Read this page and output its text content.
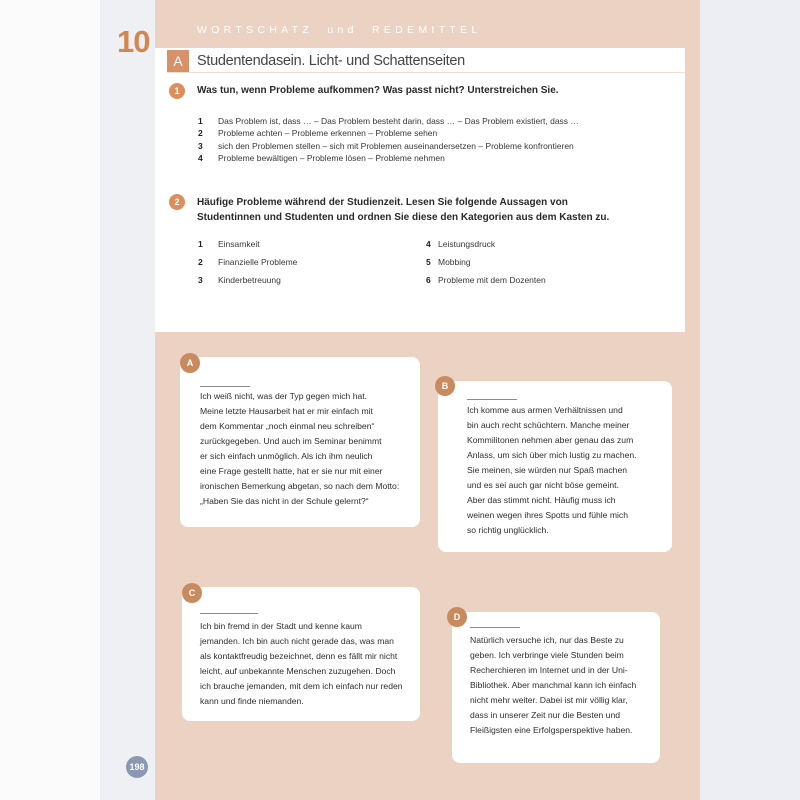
10	WORTSCHATZ und REDEMITTEL
A Studentendasein. Licht- und Schattenseiten
1	Was tun, wenn Probleme aufkommen? Was passt nicht? Unterstreichen Sie.
1 Das Problem ist, dass … – Das Problem besteht darin, dass … – Das Problem existiert, dass …
2 Probleme achten – Probleme erkennen – Probleme sehen
3 sich den Problemen stellen – sich mit Problemen auseinandersetzen – Probleme konfrontieren
4 Probleme bewältigen – Probleme lösen – Probleme nehmen
2	Häufige Probleme während der Studienzeit. Lesen Sie folgende Aussagen von
Studentinnen und Studenten und ordnen Sie diese den Kategorien aus dem Kasten zu.
1 Einsamkeit
2 Finanzielle Probleme
3 Kinderbetreuung
4 Leistungsdruck
5 Mobbing
6 Probleme mit dem Dozenten
A
Ich weiß nicht, was der Typ gegen mich hat.
Meine letzte Hausarbeit hat er mir einfach mit
dem Kommentar „noch einmal neu schreiben“
zurückgegeben. Und auch im Seminar benimmt
er sich einfach unmöglich. Als ich ihm neulich
eine Frage gestellt hatte, hat er sie nur mit einer
ironischen Bemerkung abgetan, so nach dem Motto:
„Haben Sie das nicht in der Schule gelernt?“
B
Ich komme aus armen Verhältnissen und
bin auch recht schüchtern. Manche meiner
Kommilitonen nehmen aber genau das zum
Anlass, um sich über mich lustig zu machen.
Sie meinen, sie würden nur Spaß machen
und es sei auch gar nicht böse gemeint.
Aber das stimmt nicht. Häufig muss ich
weinen wegen ihres Spotts und fühle mich
so richtig unglücklich.
C
Ich bin fremd in der Stadt und kenne kaum
jemanden. Ich bin auch nicht gerade das, was man
als kontaktfreudig bezeichnet, denn es fällt mir nicht
leicht, auf unbekannte Menschen zuzugehen. Doch
ich brauche jemanden, mit dem ich einfach nur reden
kann und finde niemanden.
D
Natürlich versuche ich, nur das Beste zu
geben. Ich verbringe viele Stunden beim
Recherchieren im Internet und in der Uni-
Bibliothek. Aber manchmal kann ich einfach
nicht mehr weiter. Dabei ist mir völlig klar,
dass in unserer Zeit nur die Besten und
Fleißigsten eine Erfolgsperspektive haben.
198
